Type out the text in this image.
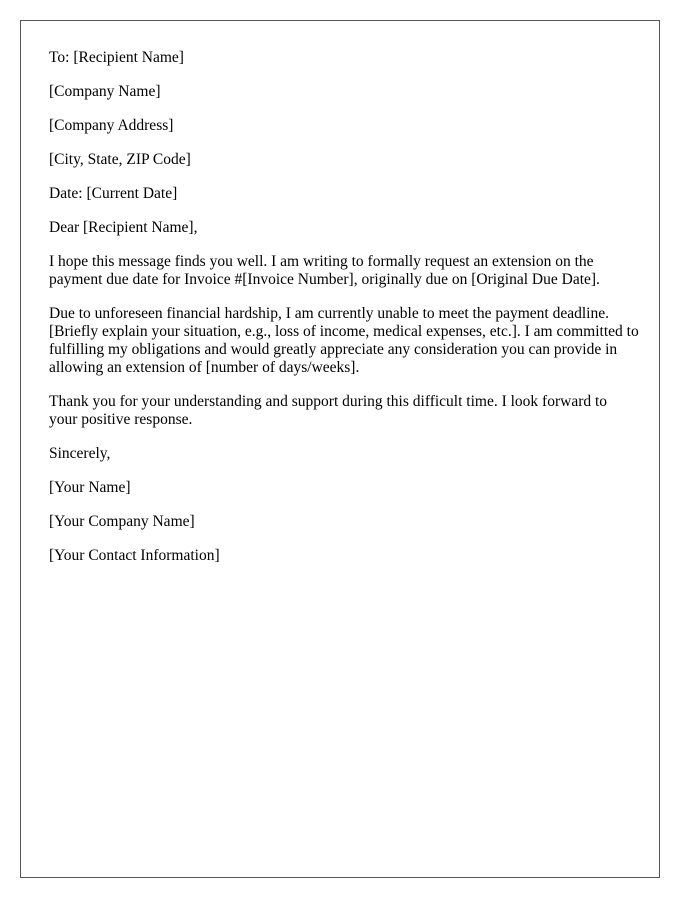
To: [Recipient Name]

[Company Name]

[Company Address]

[City, State, ZIP Code]

Date: [Current Date]

Dear [Recipient Name],

I hope this message finds you well. I am writing to formally request an extension on the payment due date for Invoice #[Invoice Number], originally due on [Original Due Date].

Due to unforeseen financial hardship, I am currently unable to meet the payment deadline. [Briefly explain your situation, e.g., loss of income, medical expenses, etc.]. I am committed to fulfilling my obligations and would greatly appreciate any consideration you can provide in allowing an extension of [number of days/weeks].

Thank you for your understanding and support during this difficult time. I look forward to your positive response.

Sincerely,

[Your Name]

[Your Company Name]

[Your Contact Information]
